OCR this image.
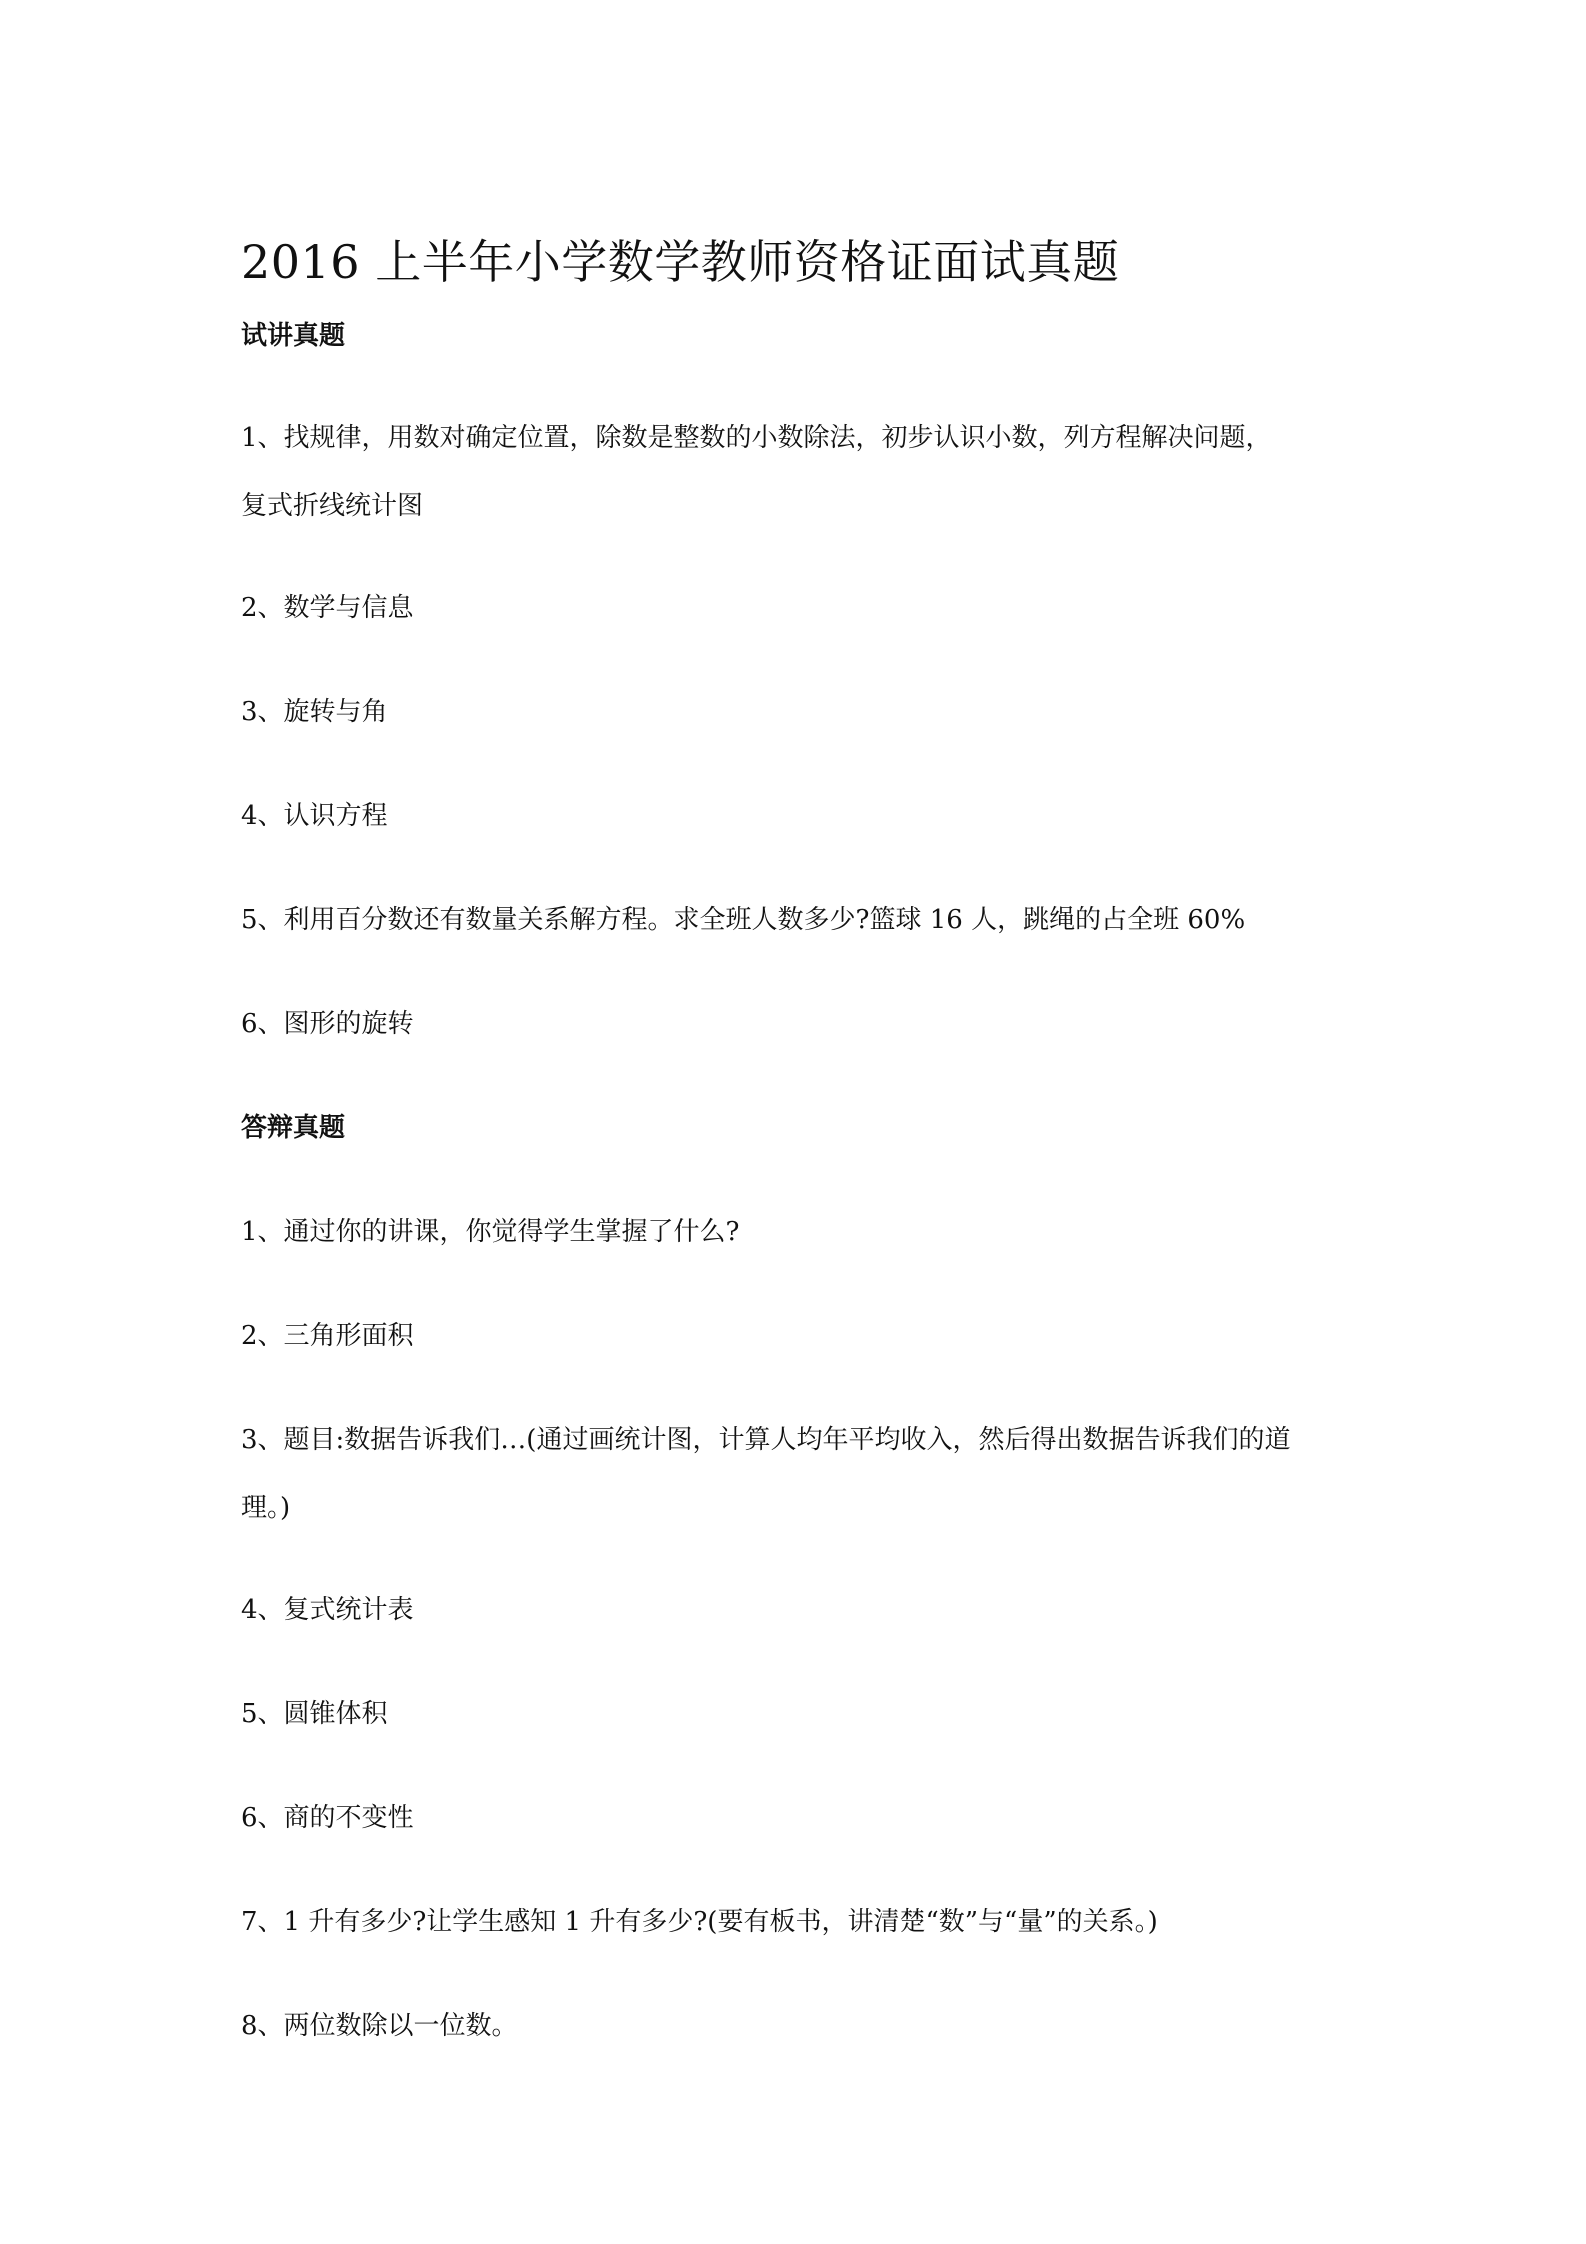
2016 上半年小学数学教师资格证面试真题
试讲真题
1、找规律，用数对确定位置，除数是整数的小数除法，初步认识小数，列方程解决问题，
复式折线统计图
2、数学与信息
3、旋转与角
4、认识方程
5、利用百分数还有数量关系解方程。求全班人数多少?篮球 16 人，跳绳的占全班 60%
6、图形的旋转
答辩真题
1、通过你的讲课，你觉得学生掌握了什么?
2、三角形面积
3、题目:数据告诉我们…(通过画统计图，计算人均年平均收入，然后得出数据告诉我们的道
理。)
4、复式统计表
5、圆锥体积
6、商的不变性
7、1 升有多少?让学生感知 1 升有多少?(要有板书，讲清楚“数”与“量”的关系。)
8、两位数除以一位数。
